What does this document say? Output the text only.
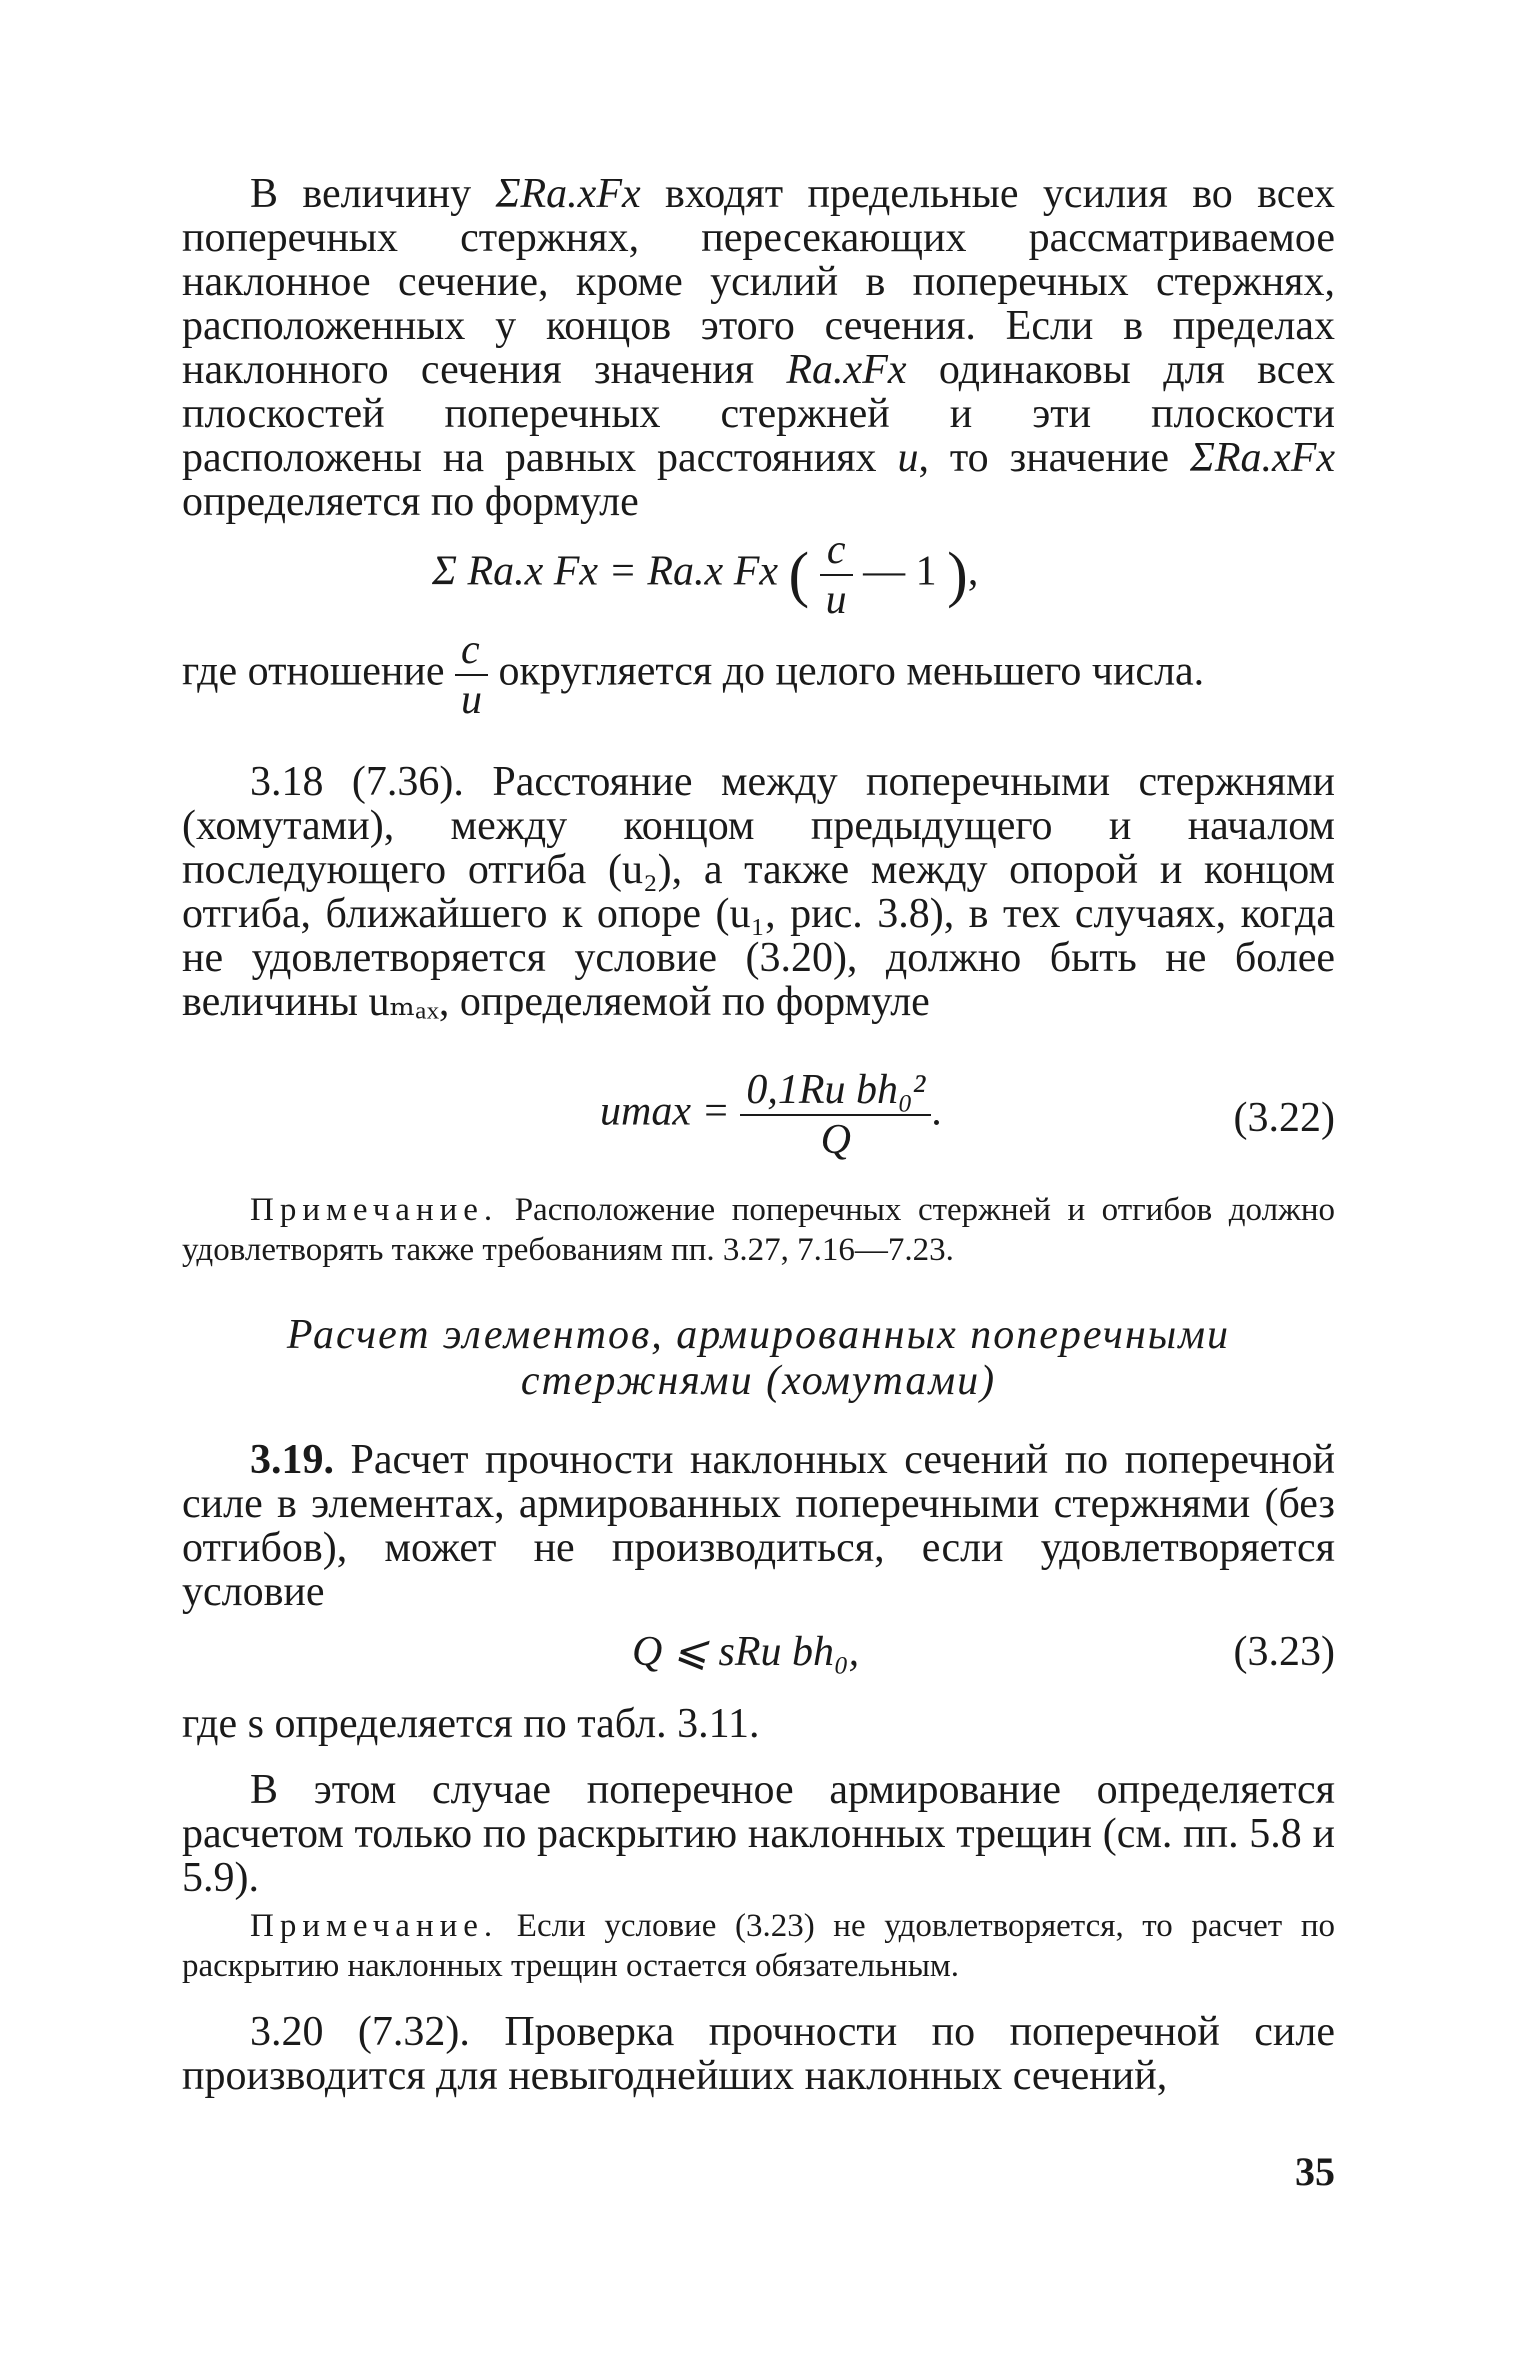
В величину ΣRа.хFх входят предельные усилия во всех поперечных стержнях, пересекающих рассматриваемое наклонное сечение, кроме усилий в поперечных стержнях, расположенных у концов этого сечения. Если в пределах наклонного сечения значения Rа.хFх одинаковы для всех плоскостей поперечных стержней и эти плоскости расположены на равных расстояниях u, то значение ΣRа.хFх определяется по формуле

Σ Rа.х Fх = Rа.х Fх ( $\frac{c}{u}$ — 1 ),

где отношение $\frac{c}{u}$ округляется до целого меньшего числа.

3.18 (7.36). Расстояние между поперечными стержнями (хомутами), между концом предыдущего и началом последующего отгиба (u₂), а также между опорой и концом отгиба, ближайшего к опоре (u₁, рис. 3.8), в тех случаях, когда не удовлетворяется условие (3.20), должно быть не более величины uₘₐₓ, определяемой по формуле

$umax = \frac{\text{0,1Rи bh₀²}}{Q}$ .	(3.22)

Примечание. Расположение поперечных стержней и отгибов должно удовлетворять также требованиям пп. 3.27, 7.16—7.23.

Расчет элементов, армированных поперечными

стержнями (хомутами)

3.19. Расчет прочности наклонных сечений по поперечной силе в элементах, армированных поперечными стержнями (без отгибов), может не производиться, если удовлетворяется условие

Q ⩽ sRи bh₀,	(3.23)

где s определяется по табл. 3.11.

В этом случае поперечное армирование определяется расчетом только по раскрытию наклонных трещин (см. пп. 5.8 и 5.9).

Примечание. Если условие (3.23) не удовлетворяется, то расчет по раскрытию наклонных трещин остается обязательным.

3.20 (7.32). Проверка прочности по поперечной силе производится для невыгоднейших наклонных сечений,

35
